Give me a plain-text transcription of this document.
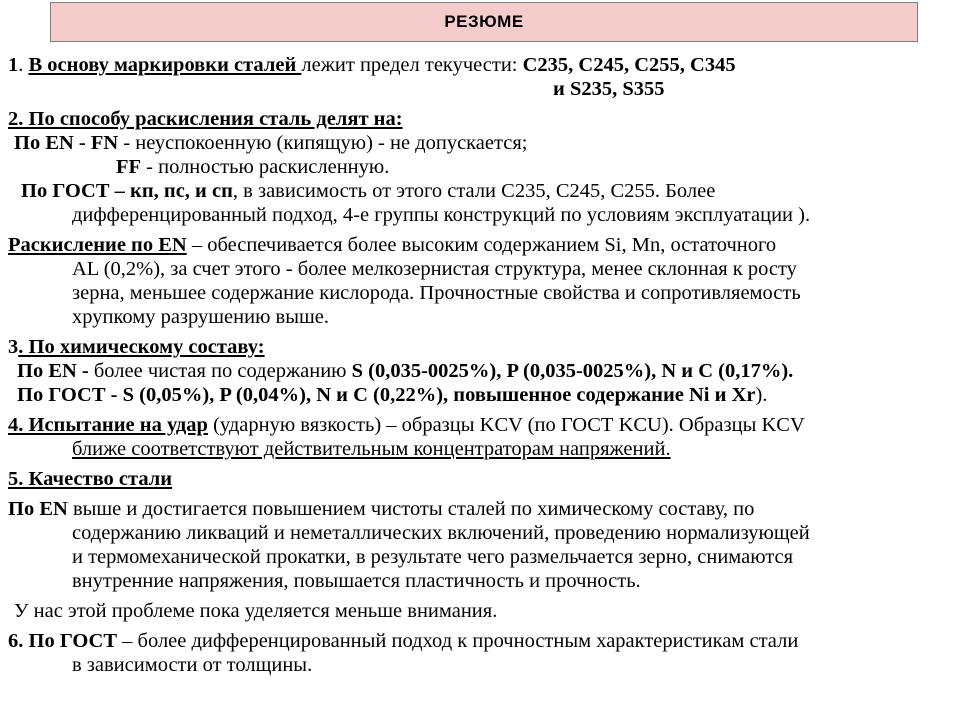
РЕЗЮМЕ
1. В основу маркировки сталей лежит предел текучести: С235, С245, С255, С345
и S235, S355
2. По способу раскисления сталь делят на:
По EN - FN - неуспокоенную (кипящую) - не допускается;
FF - полностью раскисленную.
По ГОСТ – кп, пс, и сп, в зависимость от этого стали С235, С245, С255. Более
дифференцированный подход, 4-е группы конструкций по условиям эксплуатации ).
Раскисление по EN – обеспечивается более высоким содержанием Si, Mn, остаточного
AL (0,2%), за счет этого - более мелкозернистая структура, менее склонная к росту
зерна, меньшее содержание кислорода. Прочностные свойства и сопротивляемость
хрупкому разрушению выше.
3. По химическому составу:
По EN - более чистая по содержанию S (0,035-0025%), P (0,035-0025%), N и C (0,17%).
По ГОСТ - S (0,05%), P (0,04%), N и C (0,22%), повышенное содержание Ni и Xr).
4. Испытание на удар (ударную вязкость) – образцы KCV (по ГОСТ KCU). Образцы KCV
ближе соответствуют действительным концентраторам напряжений.
5. Качество стали
По EN выше и достигается повышением чистоты сталей по химическому составу, по
содержанию ликваций и неметаллических включений, проведению нормализующей
и термомеханической прокатки, в результате чего размельчается зерно, снимаются
внутренние напряжения, повышается пластичность и прочность.
У нас этой проблеме пока уделяется меньше внимания.
6. По ГОСТ – более дифференцированный подход к прочностным характеристикам стали
в зависимости от толщины.
